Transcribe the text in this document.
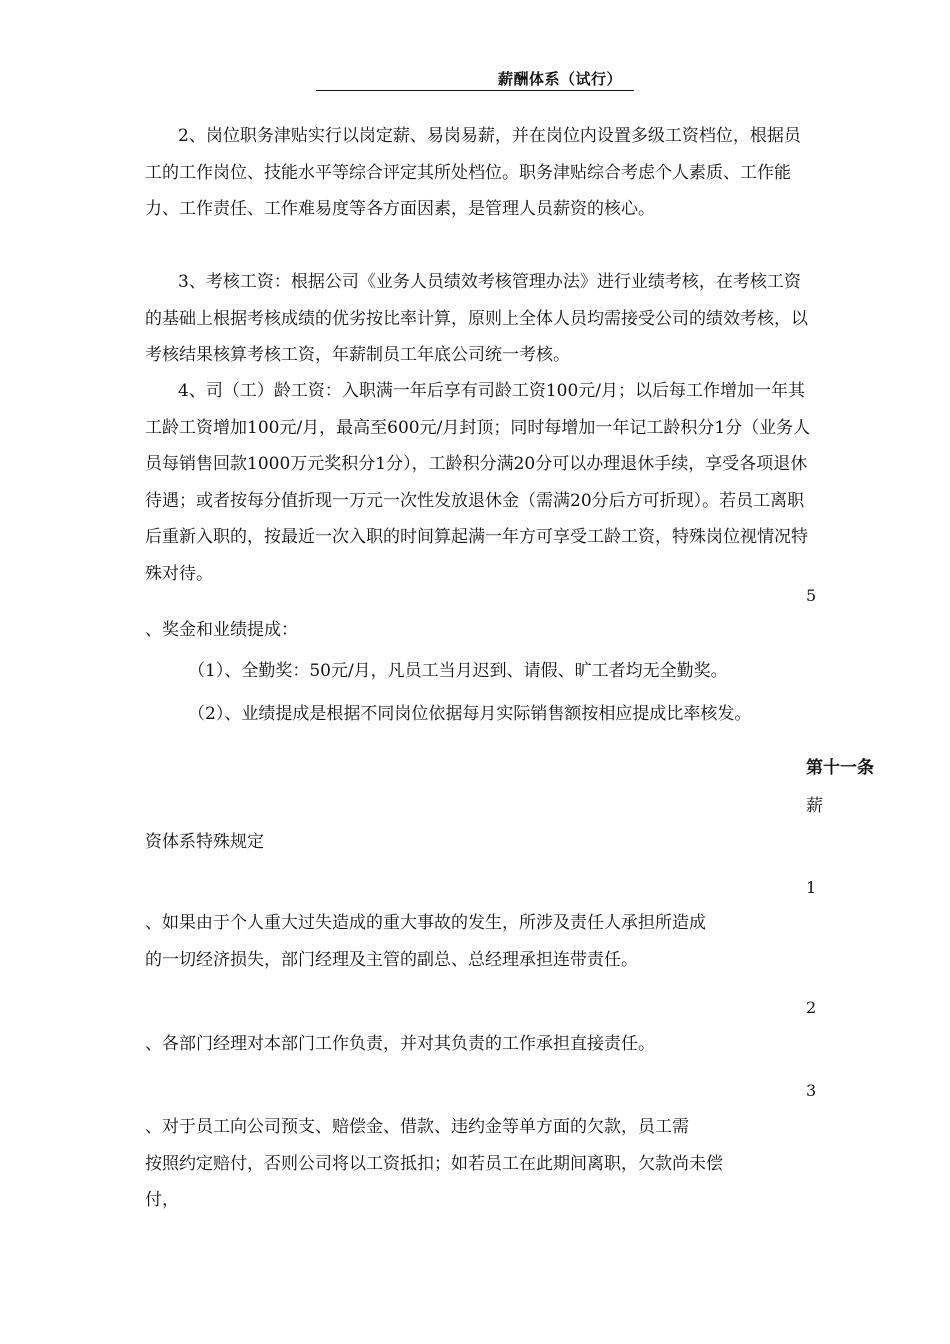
薪酬体系（试行）
2、岗位职务津贴实行以岗定薪、易岗易薪，并在岗位内设置多级工资档位，根据员工的工作岗位、技能水平等综合评定其所处档位。职务津贴综合考虑个人素质、工作能力、工作责任、工作难易度等各方面因素，是管理人员薪资的核心。
3、考核工资：根据公司《业务人员绩效考核管理办法》进行业绩考核，在考核工资的基础上根据考核成绩的优劣按比率计算，原则上全体人员均需接受公司的绩效考核，以考核结果核算考核工资，年薪制员工年底公司统一考核。
4、司（工）龄工资：入职满一年后享有司龄工资100元/月；以后每工作增加一年其工龄工资增加100元/月，最高至600元/月封顶；同时每增加一年记工龄积分1分（业务人员每销售回款1000万元奖积分1分），工龄积分满20分可以办理退休手续，享受各项退休待遇；或者按每分值折现一万元一次性发放退休金（需满20分后方可折现）。若员工离职后重新入职的，按最近一次入职的时间算起满一年方可享受工龄工资，特殊岗位视情况特殊对待。
5
、奖金和业绩提成：
（1）、全勤奖：50元/月，凡员工当月迟到、请假、旷工者均无全勤奖。
（2）、业绩提成是根据不同岗位依据每月实际销售额按相应提成比率核发。
第十一条
薪
资体系特殊规定
1
、如果由于个人重大过失造成的重大事故的发生，所涉及责任人承担所造成
的一切经济损失，部门经理及主管的副总、总经理承担连带责任。
2
、各部门经理对本部门工作负责，并对其负责的工作承担直接责任。
3
、对于员工向公司预支、赔偿金、借款、违约金等单方面的欠款，员工需
按照约定赔付，否则公司将以工资抵扣；如若员工在此期间离职，欠款尚未偿
付，
